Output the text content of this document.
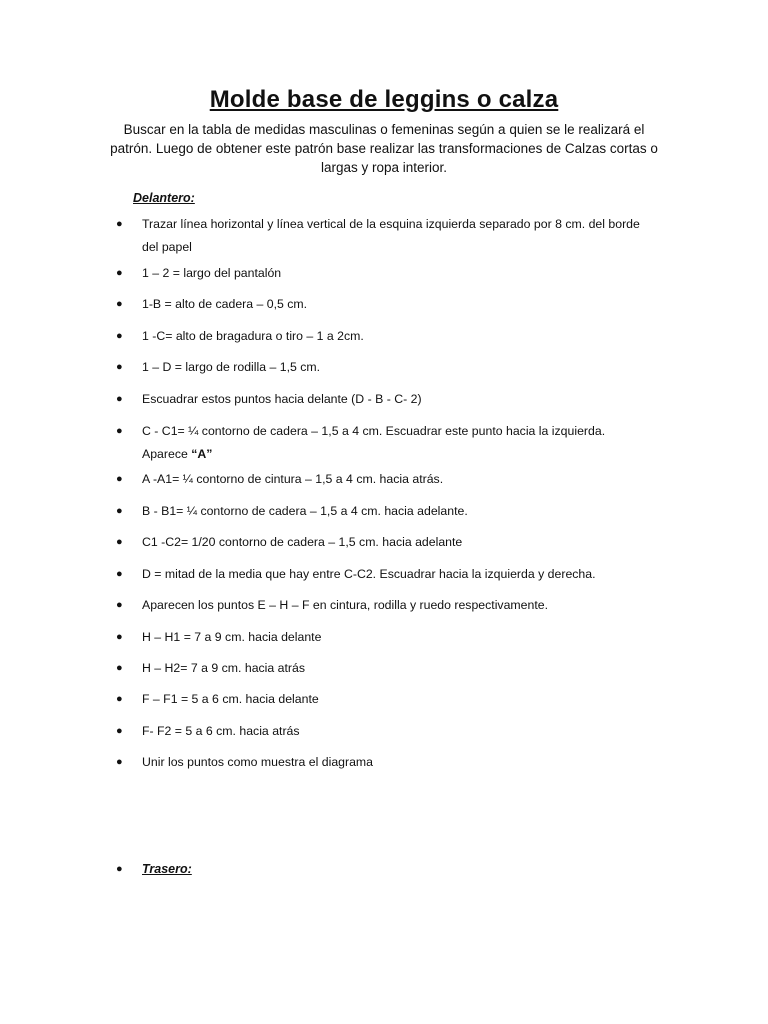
Molde base de leggins o calza
Buscar en la tabla de medidas masculinas o femeninas según a quien se le realizará el patrón. Luego de obtener este patrón base realizar las transformaciones de Calzas cortas o largas y ropa interior.
Delantero:
● Trazar línea horizontal y línea vertical de la esquina izquierda separado por 8 cm. del borde del papel
● 1 – 2 = largo del pantalón
● 1-B = alto de cadera – 0,5 cm.
● 1 -C= alto de bragadura o tiro – 1 a 2cm.
● 1 – D = largo de rodilla – 1,5 cm.
● Escuadrar estos puntos hacia delante (D - B - C- 2)
● C - C1= ¼ contorno de cadera – 1,5 a 4 cm. Escuadrar este punto hacia la izquierda. Aparece “A”
● A -A1= ¼ contorno de cintura – 1,5 a 4 cm. hacia atrás.
● B - B1= ¼ contorno de cadera – 1,5 a 4 cm. hacia adelante.
● C1 -C2= 1/20 contorno de cadera – 1,5 cm. hacia adelante
● D = mitad de la media que hay entre C-C2. Escuadrar hacia la izquierda y derecha.
● Aparecen los puntos E – H – F en cintura, rodilla y ruedo respectivamente.
● H – H1 = 7 a 9 cm. hacia delante
● H – H2= 7 a 9 cm. hacia atrás
● F – F1 = 5 a 6 cm. hacia delante
● F- F2 = 5 a 6 cm. hacia atrás
● Unir los puntos como muestra el diagrama
● Trasero:
